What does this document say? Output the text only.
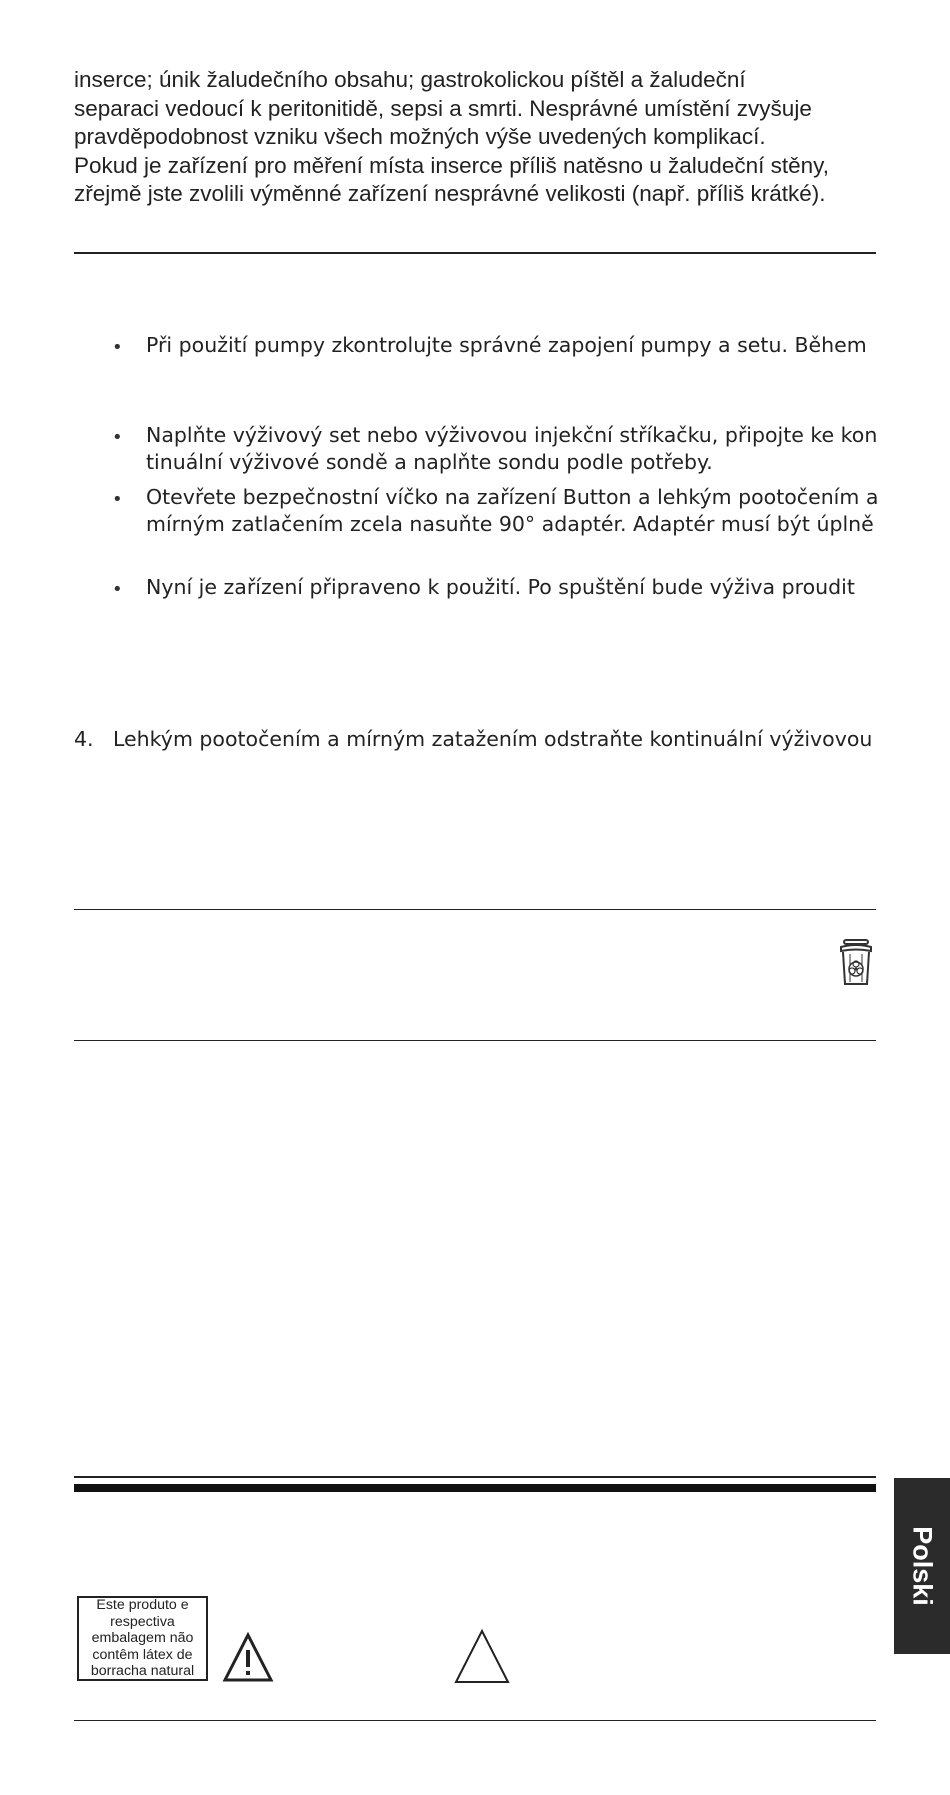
inserce; únik žaludečního obsahu; gastrokolickou píštěl a žaludeční
separaci vedoucí k peritonitidě, sepsi a smrti. Nesprávné umístění zvyšuje
pravděpodobnost vzniku všech možných výše uvedených komplikací.
Pokud je zařízení pro měření místa inserce příliš natěsno u žaludeční stěny,
zřejmě jste zvolili výměnné zařízení nesprávné velikosti (např. příliš krátké).
• Při použití pumpy zkontrolujte správné zapojení pumpy a setu. Během
• Naplňte výživový set nebo výživovou injekční stříkačku, připojte ke kon
tinuální výživové sondě a naplňte sondu podle potřeby.
• Otevřete bezpečnostní víčko na zařízení Button a lehkým pootočením a
mírným zatlačením zcela nasuňte 90° adaptér. Adaptér musí být úplně
• Nyní je zařízení připraveno k použití. Po spuštění bude výživa proudit
4. Lehkým pootočením a mírným zatažením odstraňte kontinuální výživovou
Polski
Este produto e respectiva embalagem não contêm látex de borracha natural
